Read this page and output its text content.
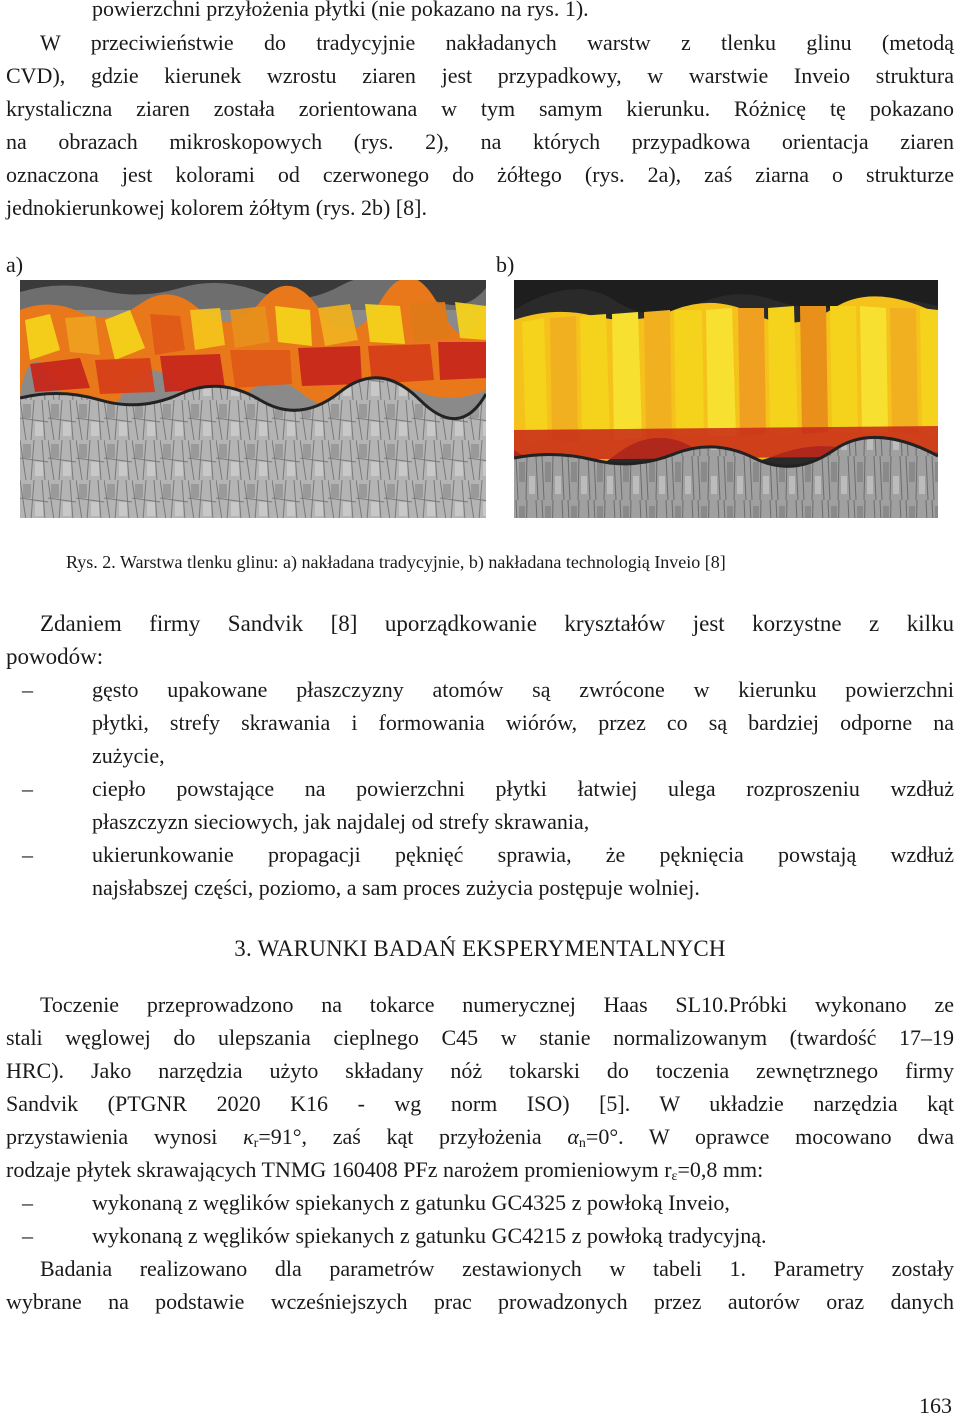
powierzchni przyłożenia płytki (nie pokazano na rys. 1).
W przeciwieństwie do tradycyjnie nakładanych warstw z tlenku glinu (metodą
CVD), gdzie kierunek wzrostu ziaren jest przypadkowy, w warstwie Inveio struktura
krystaliczna ziaren została zorientowana w tym samym kierunku. Różnicę tę pokazano
na obrazach mikroskopowych (rys. 2), na których przypadkowa orientacja ziaren
oznaczona jest kolorami od czerwonego do żółtego (rys. 2a), zaś ziarna o strukturze
jednokierunkowej kolorem żółtym (rys. 2b) [8].
a)	b)
Rys. 2. Warstwa tlenku glinu: a) nakładana tradycyjnie, b) nakładana technologią Inveio [8]
Zdaniem firmy Sandvik [8] uporządkowanie kryształów jest korzystne z kilku
powodów:
–	gęsto upakowane płaszczyzny atomów są zwrócone w kierunku powierzchni
płytki, strefy skrawania i formowania wiórów, przez co są bardziej odporne na
zużycie,
–	ciepło powstające na powierzchni płytki łatwiej ulega rozproszeniu wzdłuż
płaszczyzn sieciowych, jak najdalej od strefy skrawania,
–	ukierunkowanie propagacji pęknięć sprawia, że pęknięcia powstają wzdłuż
najsłabszej części, poziomo, a sam proces zużycia postępuje wolniej.
3. WARUNKI BADAŃ EKSPERYMENTALNYCH
Toczenie przeprowadzono na tokarce numerycznej Haas SL10.Próbki wykonano ze
stali węglowej do ulepszania cieplnego C45 w stanie normalizowanym (twardość 17–19
HRC). Jako narzędzia użyto składany nóż tokarski do toczenia zewnętrznego firmy
Sandvik (PTGNR 2020 K16 - wg norm ISO) [5]. W układzie narzędzia kąt
przystawienia wynosi $\kappa_r=91^\circ$, zaś kąt przyłożenia $\alpha_n=0^\circ$. W oprawce mocowano dwa
rodzaje płytek skrawających TNMG 160408 PFz narożem promieniowym $r_\varepsilon=0,8$ mm:
–	wykonaną z węglików spiekanych z gatunku GC4325 z powłoką Inveio,
–	wykonaną z węglików spiekanych z gatunku GC4215 z powłoką tradycyjną.
Badania realizowano dla parametrów zestawionych w tabeli 1. Parametry zostały
wybrane na podstawie wcześniejszych prac prowadzonych przez autorów oraz danych
163
